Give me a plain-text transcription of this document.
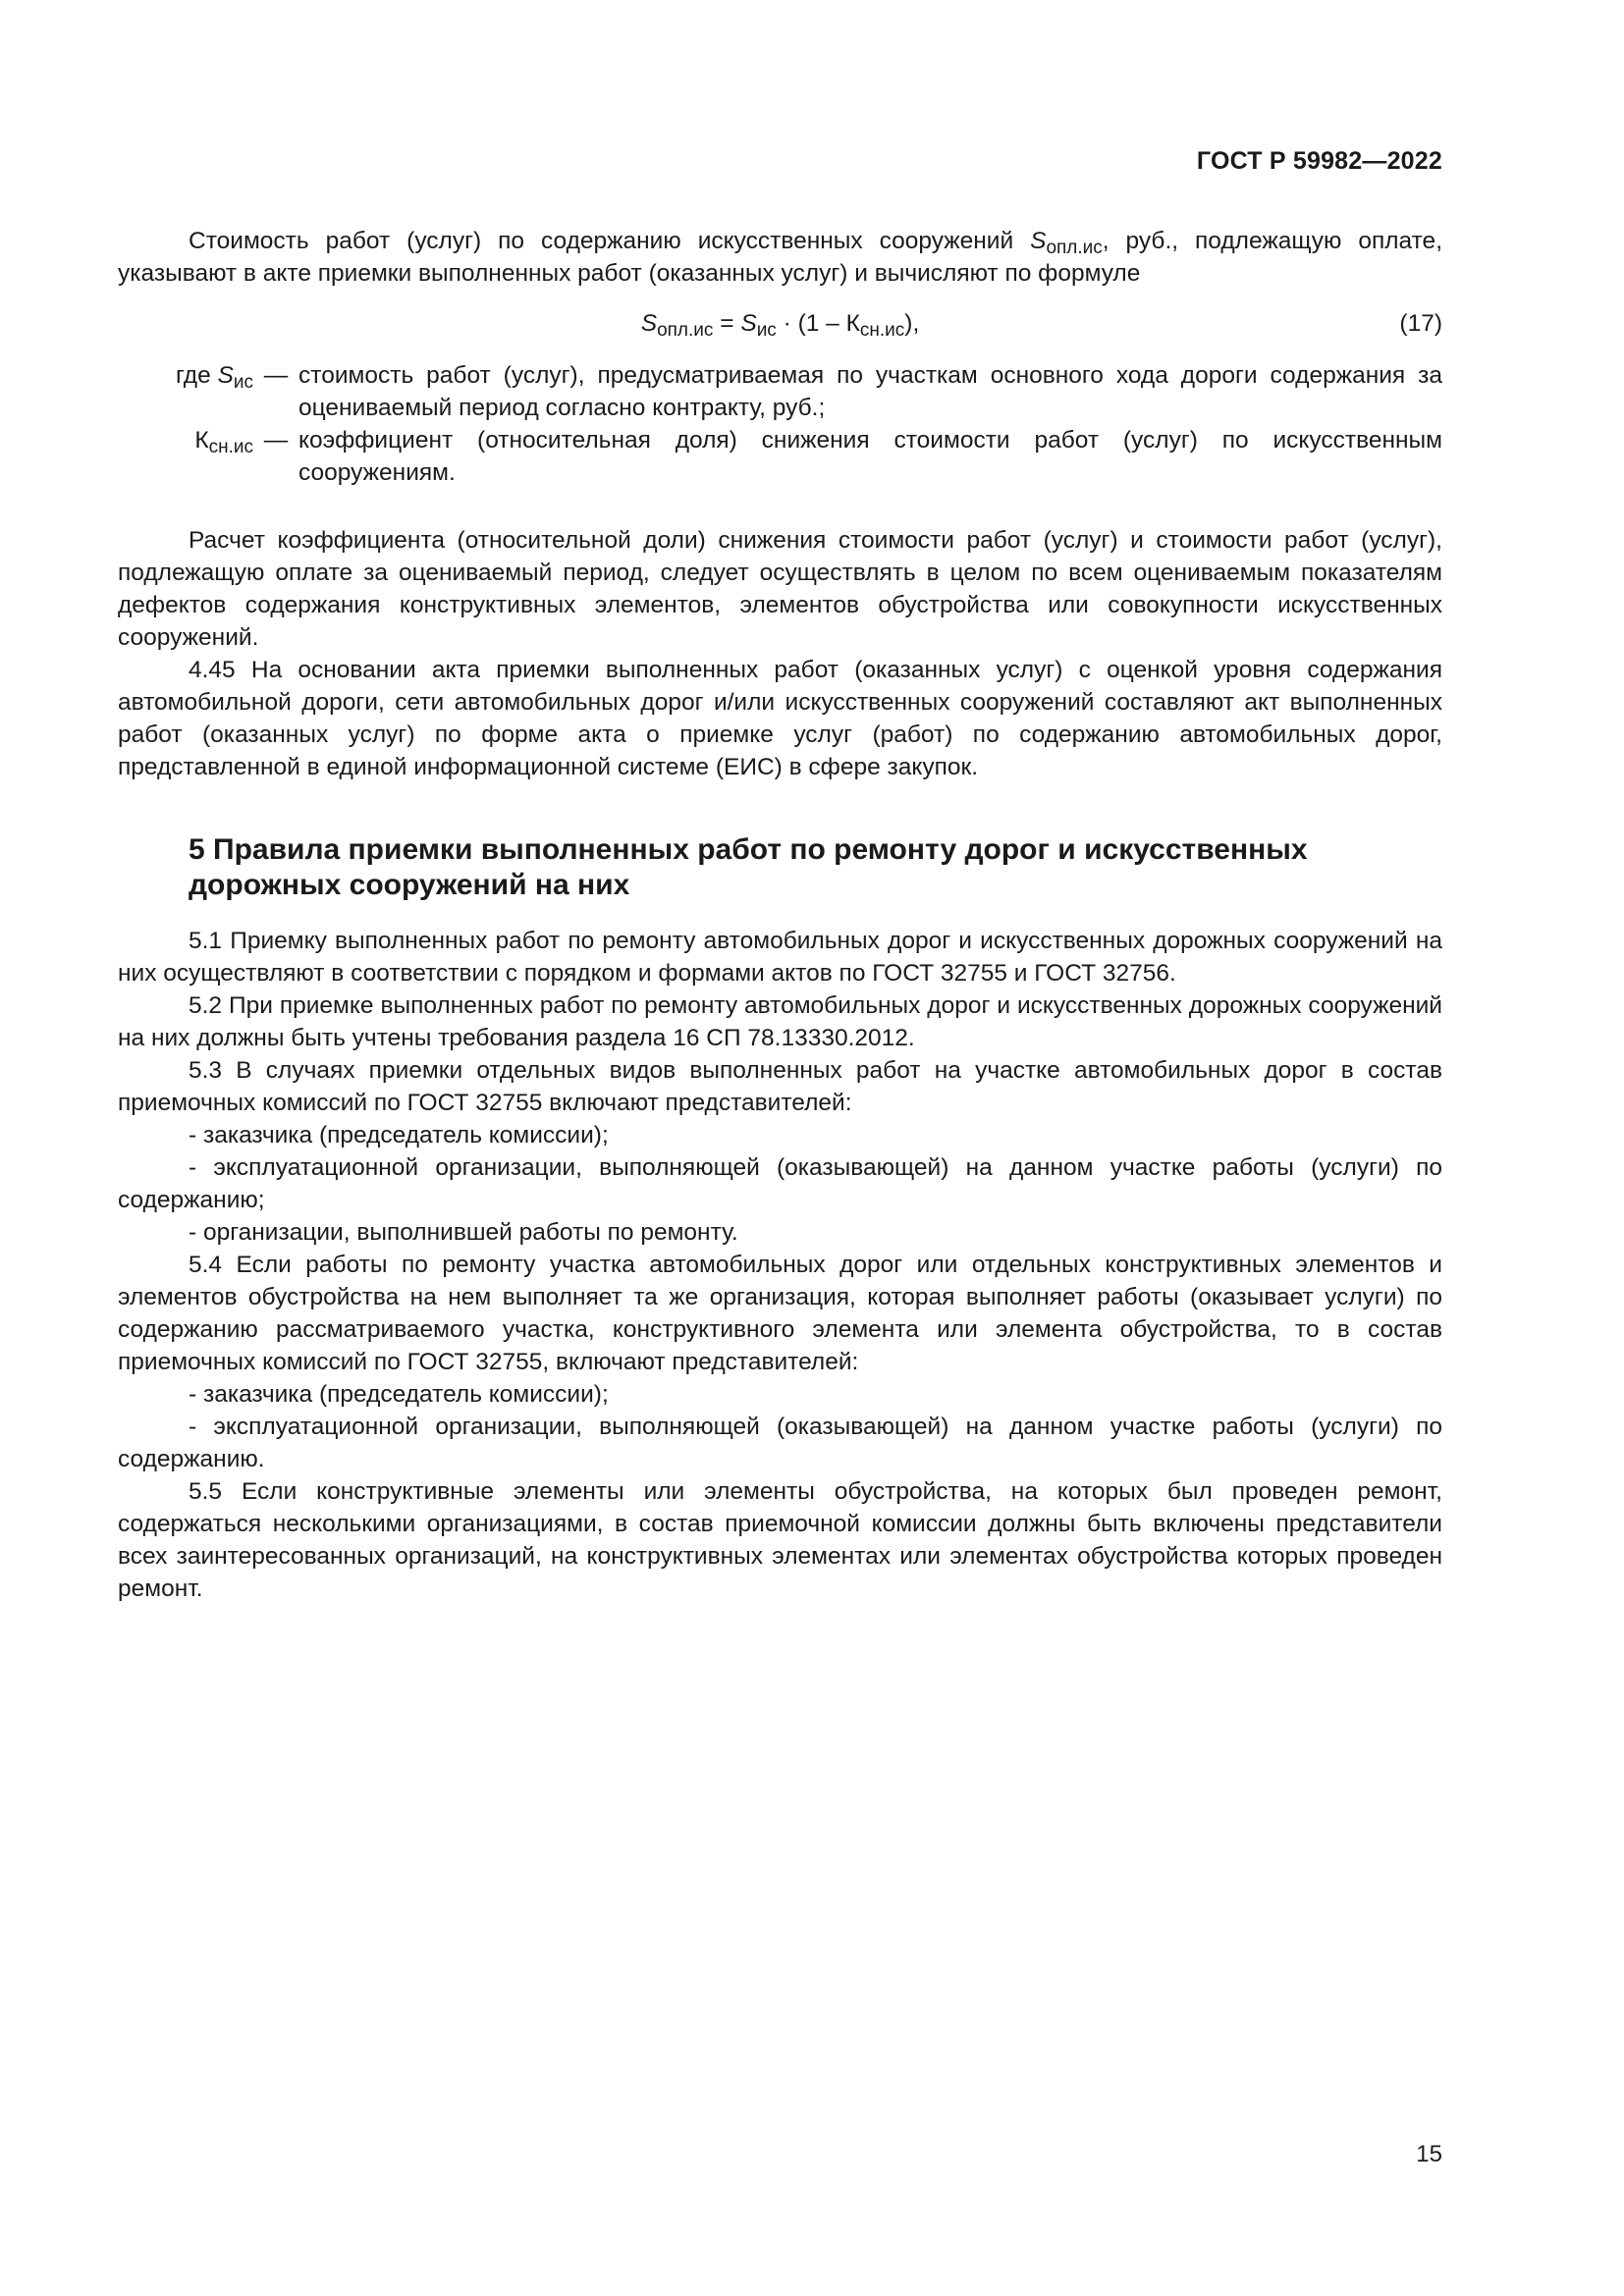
ГОСТ Р 59982—2022

Стоимость работ (услуг) по содержанию искусственных сооружений $S_{опл.ис}$, руб., подлежащую оплате, указывают в акте приемки выполненных работ (оказанных услуг) и вычисляют по формуле

$S_{опл.ис} = S_{ис} \cdot (1 - К_{сн.ис})$,	(17)
где $S_{ис}$ — стоимость работ (услуг), предусматриваемая по участкам основного хода дороги содержания за оцениваемый период согласно контракту, руб.;
$К_{сн.ис}$ — коэффициент (относительная доля) снижения стоимости работ (услуг) по искусственным сооружениям.

Расчет коэффициента (относительной доли) снижения стоимости работ (услуг) и стоимости работ (услуг), подлежащую оплате за оцениваемый период, следует осуществлять в целом по всем оцениваемым показателям дефектов содержания конструктивных элементов, элементов обустройства или совокупности искусственных сооружений.

4.45 На основании акта приемки выполненных работ (оказанных услуг) с оценкой уровня содержания автомобильной дороги, сети автомобильных дорог и/или искусственных сооружений составляют акт выполненных работ (оказанных услуг) по форме акта о приемке услуг (работ) по содержанию автомобильных дорог, представленной в единой информационной системе (ЕИС) в сфере закупок.

5 Правила приемки выполненных работ по ремонту дорог и искусственных дорожных сооружений на них

5.1 Приемку выполненных работ по ремонту автомобильных дорог и искусственных дорожных сооружений на них осуществляют в соответствии с порядком и формами актов по ГОСТ 32755 и ГОСТ 32756.

5.2 При приемке выполненных работ по ремонту автомобильных дорог и искусственных дорожных сооружений на них должны быть учтены требования раздела 16 СП 78.13330.2012.

5.3 В случаях приемки отдельных видов выполненных работ на участке автомобильных дорог в состав приемочных комиссий по ГОСТ 32755 включают представителей:

- заказчика (председатель комиссии);

- эксплуатационной организации, выполняющей (оказывающей) на данном участке работы (услуги) по содержанию;

- организации, выполнившей работы по ремонту.

5.4 Если работы по ремонту участка автомобильных дорог или отдельных конструктивных элементов и элементов обустройства на нем выполняет та же организация, которая выполняет работы (оказывает услуги) по содержанию рассматриваемого участка, конструктивного элемента или элемента обустройства, то в состав приемочных комиссий по ГОСТ 32755, включают представителей:

- заказчика (председатель комиссии);

- эксплуатационной организации, выполняющей (оказывающей) на данном участке работы (услуги) по содержанию.

5.5 Если конструктивные элементы или элементы обустройства, на которых был проведен ремонт, содержаться несколькими организациями, в состав приемочной комиссии должны быть включены представители всех заинтересованных организаций, на конструктивных элементах или элементах обустройства которых проведен ремонт.

15
